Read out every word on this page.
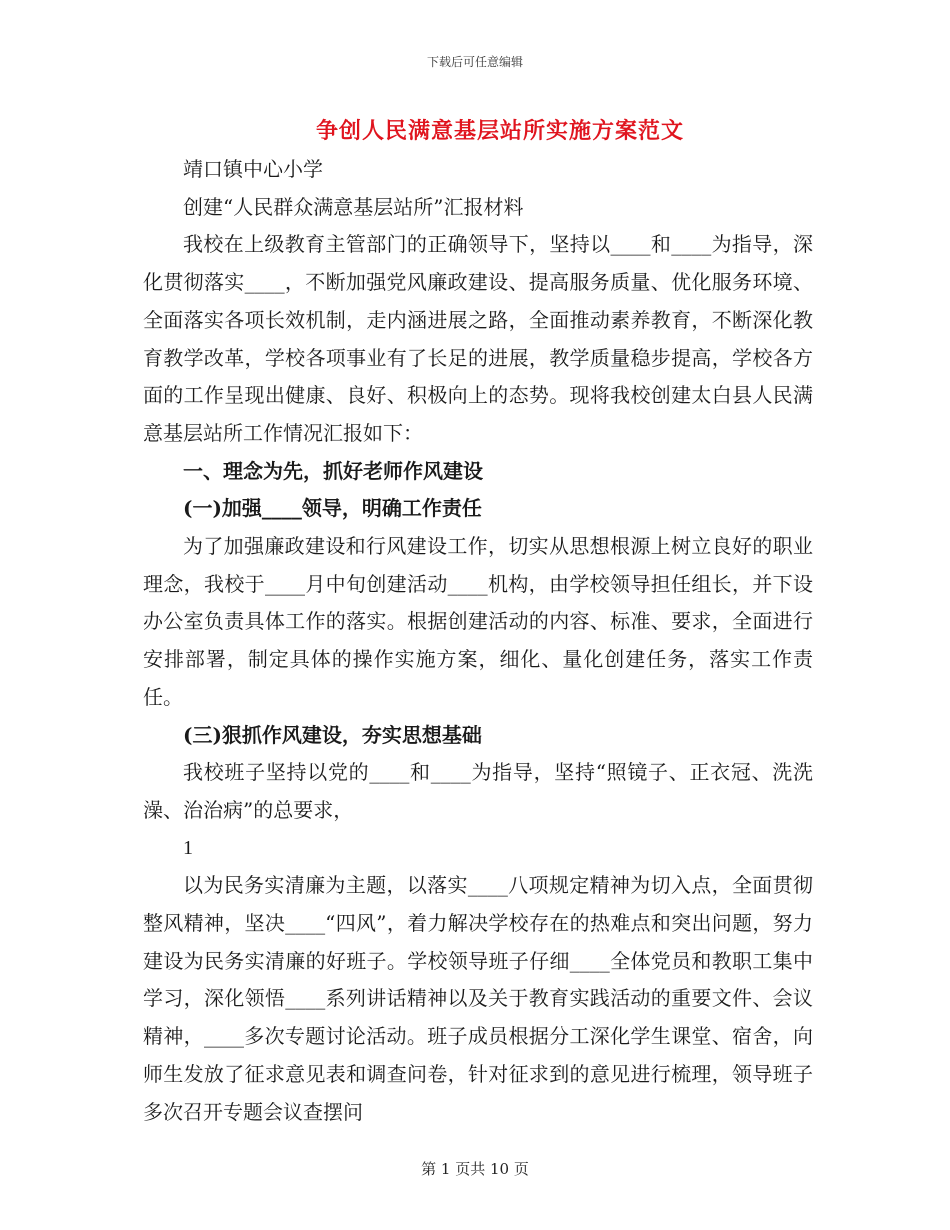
下载后可任意编辑
争创人民满意基层站所实施方案范文

靖口镇中心小学

创建“人民群众满意基层站所”汇报材料

我校在上级教育主管部门的正确领导下，坚持以____和____为指导，深化贯彻落实____，不断加强党风廉政建设、提高服务质量、优化服务环境、全面落实各项长效机制，走内涵进展之路，全面推动素养教育，不断深化教育教学改革，学校各项事业有了长足的进展，教学质量稳步提高，学校各方面的工作呈现出健康、良好、积极向上的态势。现将我校创建太白县人民满意基层站所工作情况汇报如下：

一、理念为先，抓好老师作风建设

(一)加强____领导，明确工作责任

为了加强廉政建设和行风建设工作，切实从思想根源上树立良好的职业理念，我校于____月中旬创建活动____机构，由学校领导担任组长，并下设办公室负责具体工作的落实。根据创建活动的内容、标准、要求，全面进行安排部署，制定具体的操作实施方案，细化、量化创建任务，落实工作责任。

(三)狠抓作风建设，夯实思想基础

我校班子坚持以党的____和____为指导，坚持“照镜子、正衣冠、洗洗澡、治治病”的总要求，

1

以为民务实清廉为主题，以落实____八项规定精神为切入点，全面贯彻整风精神，坚决____“四风”，着力解决学校存在的热难点和突出问题，努力建设为民务实清廉的好班子。学校领导班子仔细____全体党员和教职工集中学习，深化领悟____系列讲话精神以及关于教育实践活动的重要文件、会议精神，____多次专题讨论活动。班子成员根据分工深化学生课堂、宿舍，向师生发放了征求意见表和调查问卷，针对征求到的意见进行梳理，领导班子多次召开专题会议查摆问

第 1 页共 10 页
